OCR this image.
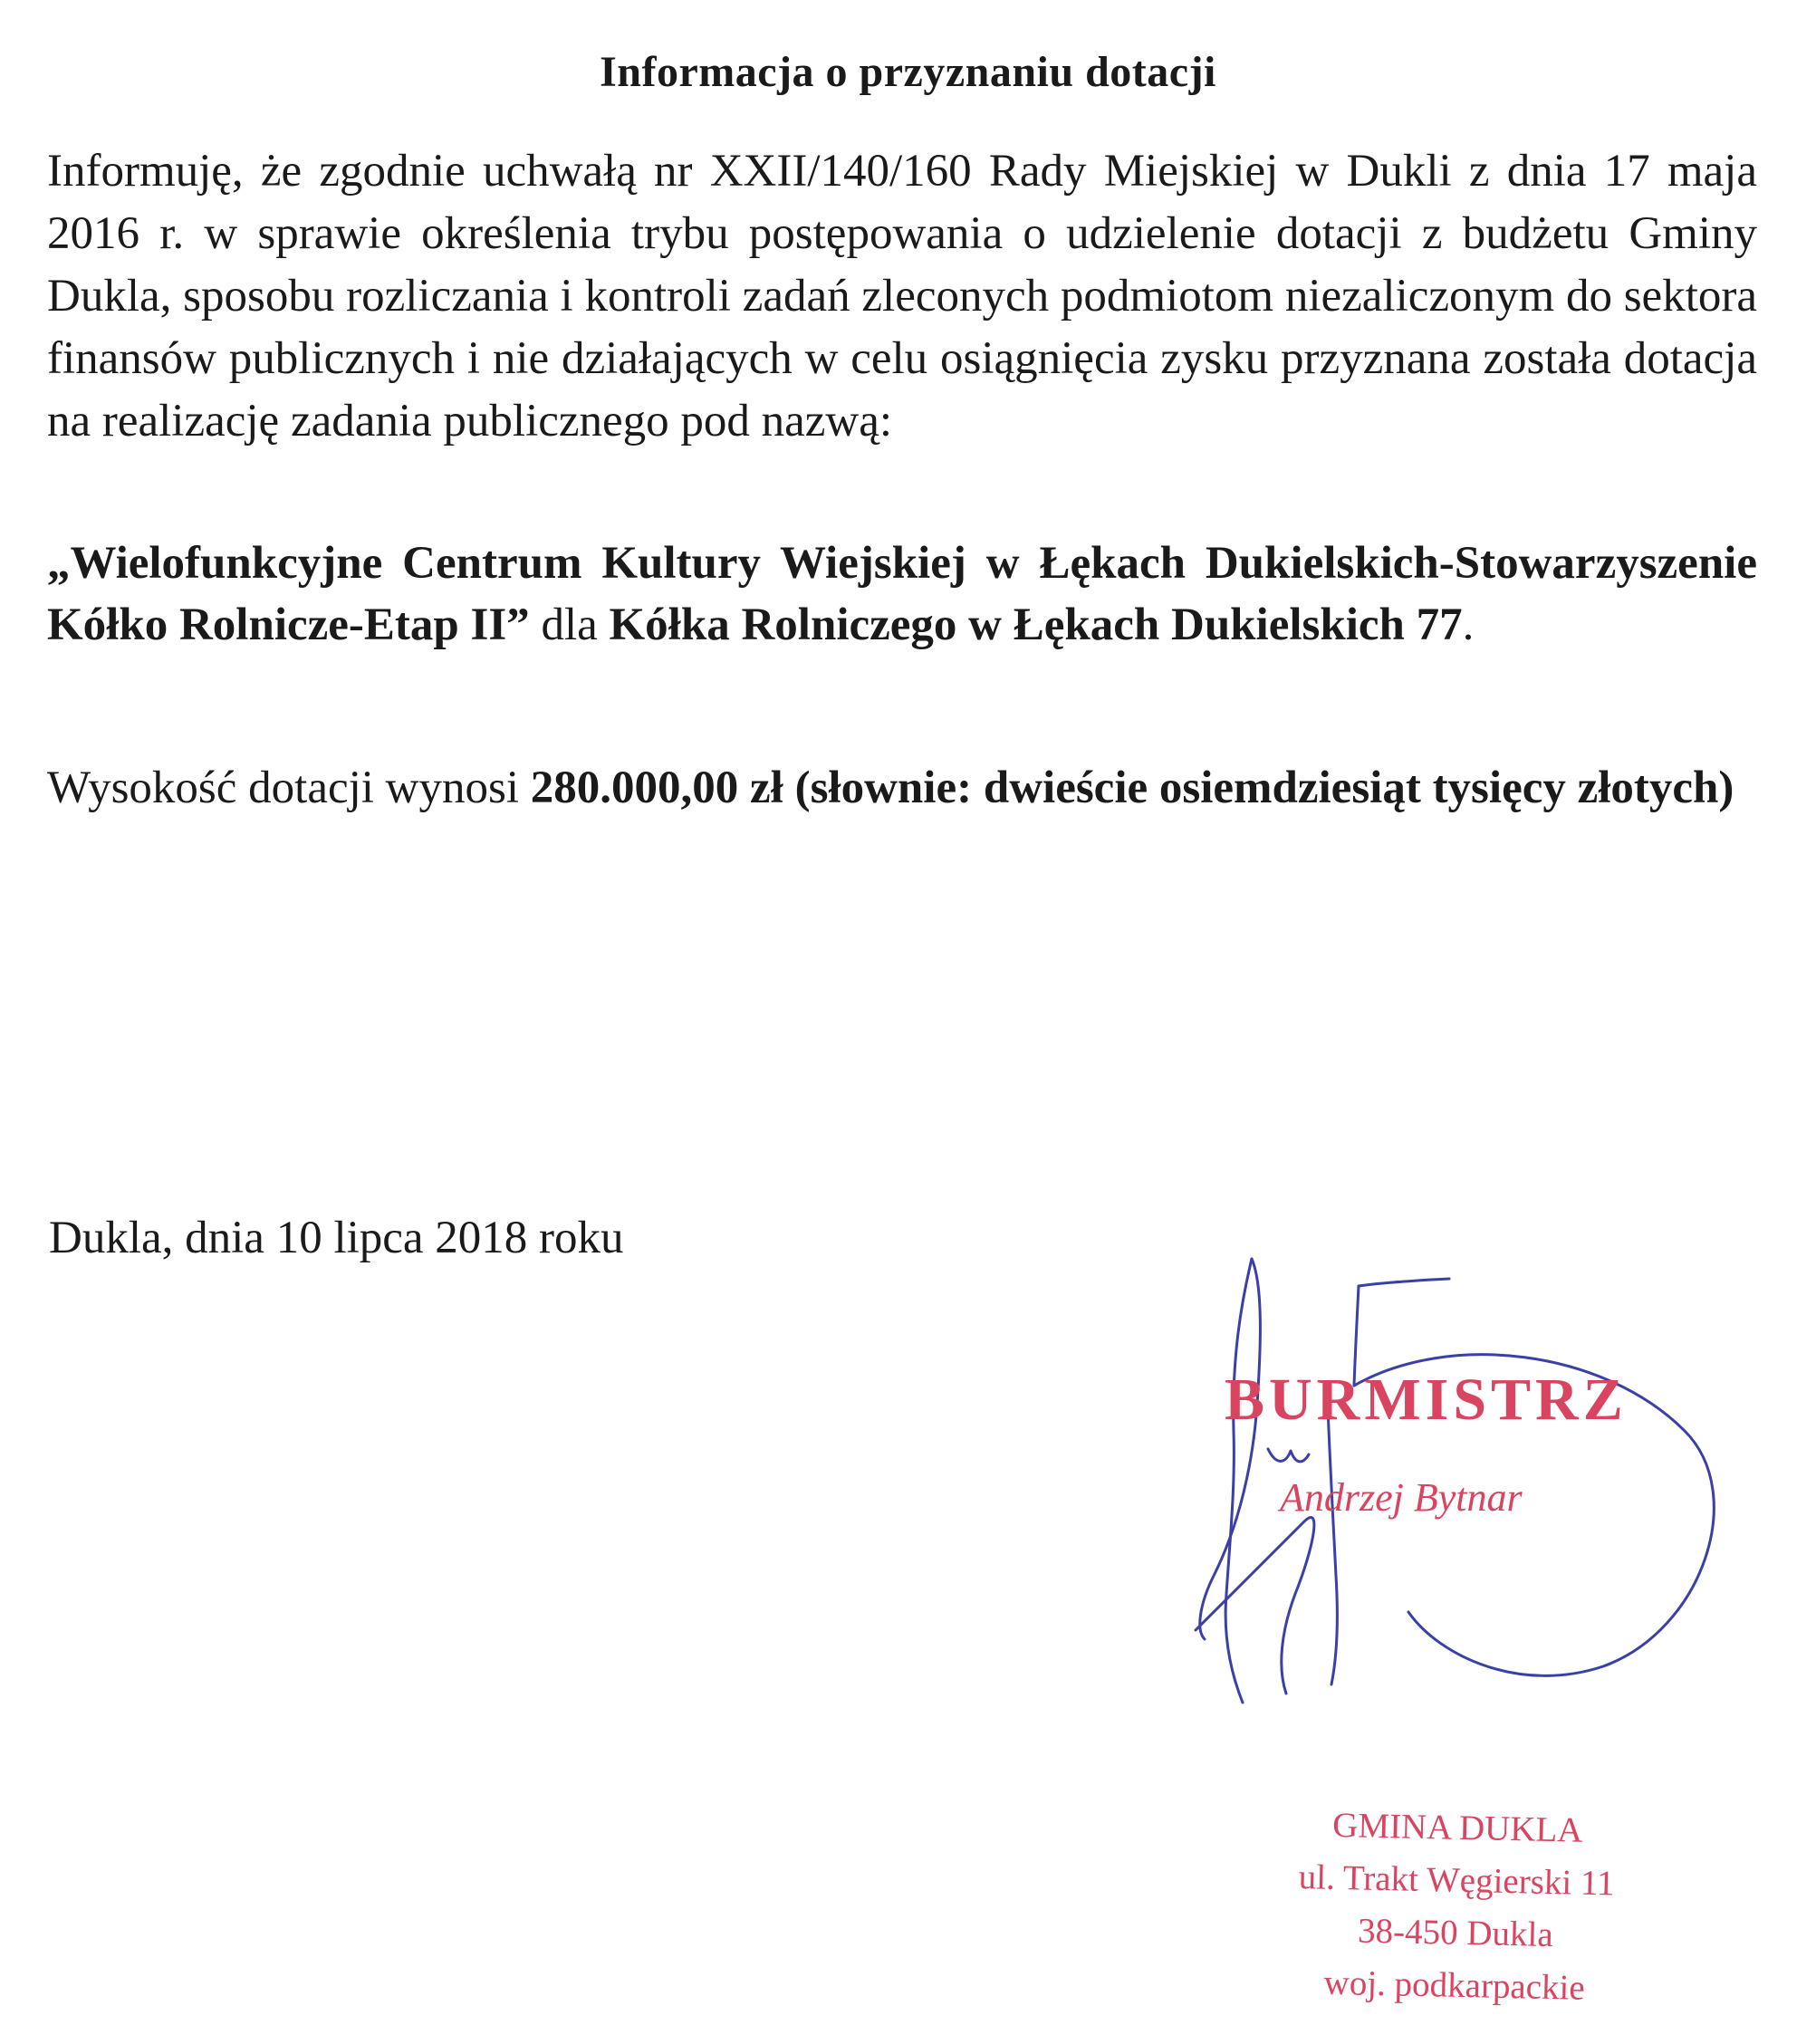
Informacja o przyznaniu dotacji
Informuję, że zgodnie uchwałą nr XXII/140/160 Rady Miejskiej w Dukli z dnia 17 maja 2016 r. w sprawie określenia trybu postępowania o udzielenie dotacji z budżetu Gminy Dukla, sposobu rozliczania i kontroli zadań zleconych podmiotom niezaliczonym do sektora finansów publicznych i nie działających w celu osiągnięcia zysku przyznana została dotacja na realizację zadania publicznego pod nazwą:
„Wielofunkcyjne Centrum Kultury Wiejskiej w Łękach Dukielskich-Stowarzyszenie Kółko Rolnicze-Etap II” dla Kółka Rolniczego w Łękach Dukielskich 77.
Wysokość dotacji wynosi 280.000,00 zł (słownie: dwieście osiemdziesiąt tysięcy złotych)
Dukla, dnia 10 lipca 2018 roku
BURMISTRZ
Andrzej Bytnar
GMINA DUKLA
ul. Trakt Węgierski 11
38-450 Dukla
woj. podkarpackie
